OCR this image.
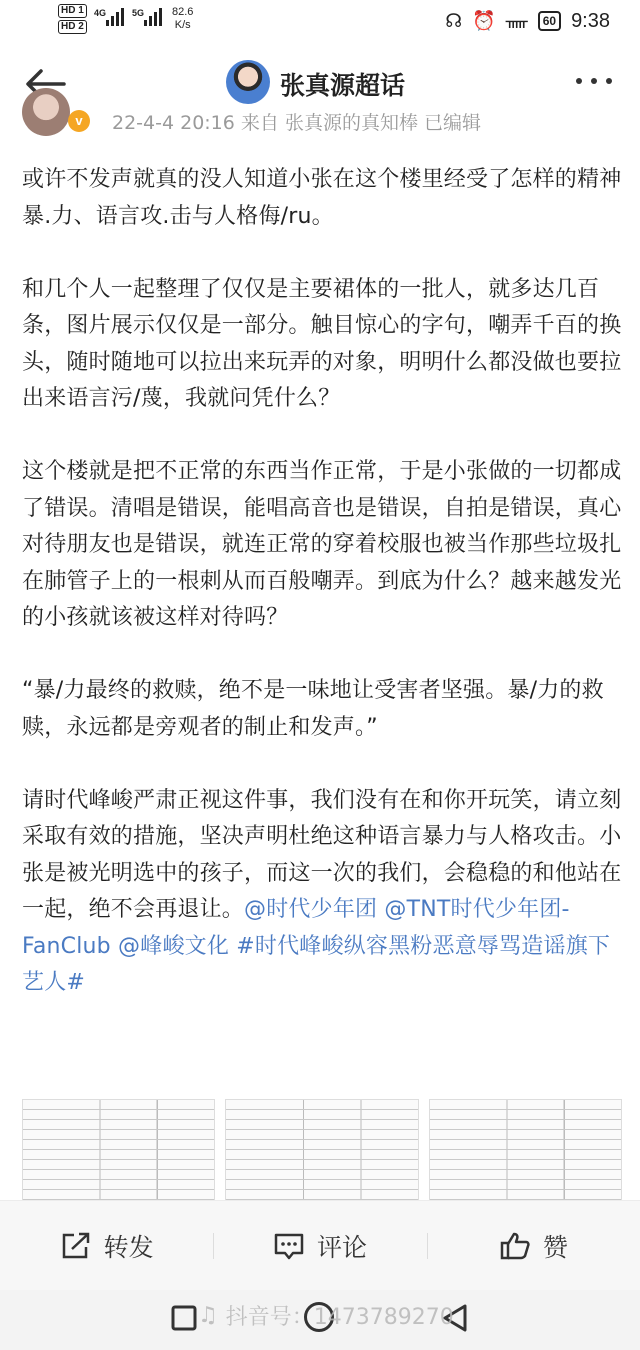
HD 1
HD 2
4G	5G	82.6
K/s	☊ ⏰ ᚅ	60 9:38
张真源超话
v	22-4-4 20:16 来自 张真源的真知棒 已编辑

或许不发声就真的没人知道小张在这个楼里经受了怎样的精神暴.力、语言攻.击与人格侮/ru。

和几个人一起整理了仅仅是主要裙体的一批人，就多达几百条，图片展示仅仅是一部分。触目惊心的字句，嘲弄千百的换头，随时随地可以拉出来玩弄的对象，明明什么都没做也要拉出来语言污/蔑，我就问凭什么？

这个楼就是把不正常的东西当作正常，于是小张做的一切都成了错误。清唱是错误，能唱高音也是错误，自拍是错误，真心对待朋友也是错误，就连正常的穿着校服也被当作那些垃圾扎在肺管子上的一根刺从而百般嘲弄。到底为什么？越来越发光的小孩就该被这样对待吗？

“暴/力最终的救赎，绝不是一味地让受害者坚强。暴/力的救赎，永远都是旁观者的制止和发声。”

请时代峰峻严肃正视这件事，我们没有在和你开玩笑，请立刻采取有效的措施，坚决声明杜绝这种语言暴力与人格攻击。小张是被光明选中的孩子，而这一次的我们，会稳稳的和他站在一起，绝不会再退让。@时代少年团 @TNT时代少年团-FanClub @峰峻文化 #时代峰峻纵容黑粉恶意辱骂造谣旗下艺人#

转发	评论	赞
♫ 抖音号：1473789270
